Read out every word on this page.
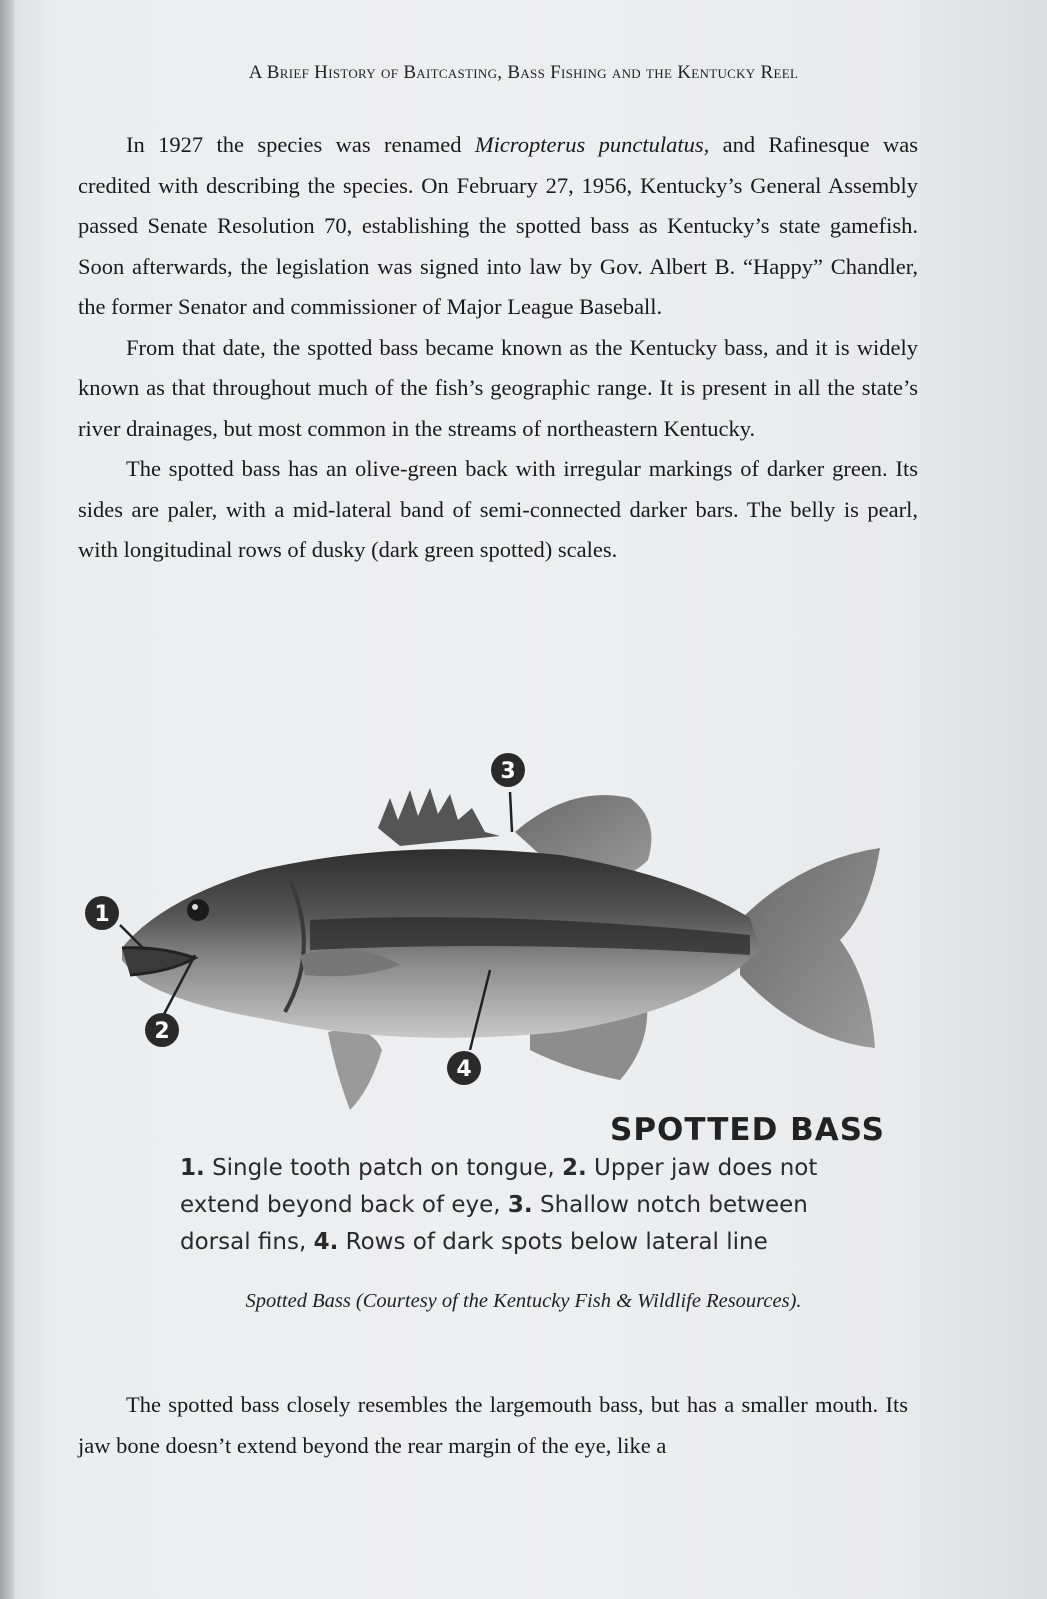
A Brief History of Baitcasting, Bass Fishing and the Kentucky Reel

In 1927 the species was renamed Micropterus punctulatus, and Rafinesque was credited with describing the species. On February 27, 1956, Kentucky’s General Assembly passed Senate Resolution 70, establishing the spotted bass as Kentucky’s state gamefish. Soon afterwards, the legislation was signed into law by Gov. Albert B. “Happy” Chandler, the former Senator and commissioner of Major League Baseball.

From that date, the spotted bass became known as the Kentucky bass, and it is widely known as that throughout much of the fish’s geographic range. It is present in all the state’s river drainages, but most common in the streams of northeastern Kentucky.

The spotted bass has an olive-green back with irregular markings of darker green. Its sides are paler, with a mid-lateral band of semi-connected darker bars. The belly is pearl, with longitudinal rows of dusky (dark green spotted) scales.

1
2
3
4
SPOTTED BASS
1. Single tooth patch on tongue, 2. Upper jaw does not extend beyond back of eye, 3. Shallow notch between dorsal fins, 4. Rows of dark spots below lateral line
Spotted Bass (Courtesy of the Kentucky Fish & Wildlife Resources).

The spotted bass closely resembles the largemouth bass, but has a smaller mouth. Its jaw bone doesn’t extend beyond the rear margin of the eye, like a
